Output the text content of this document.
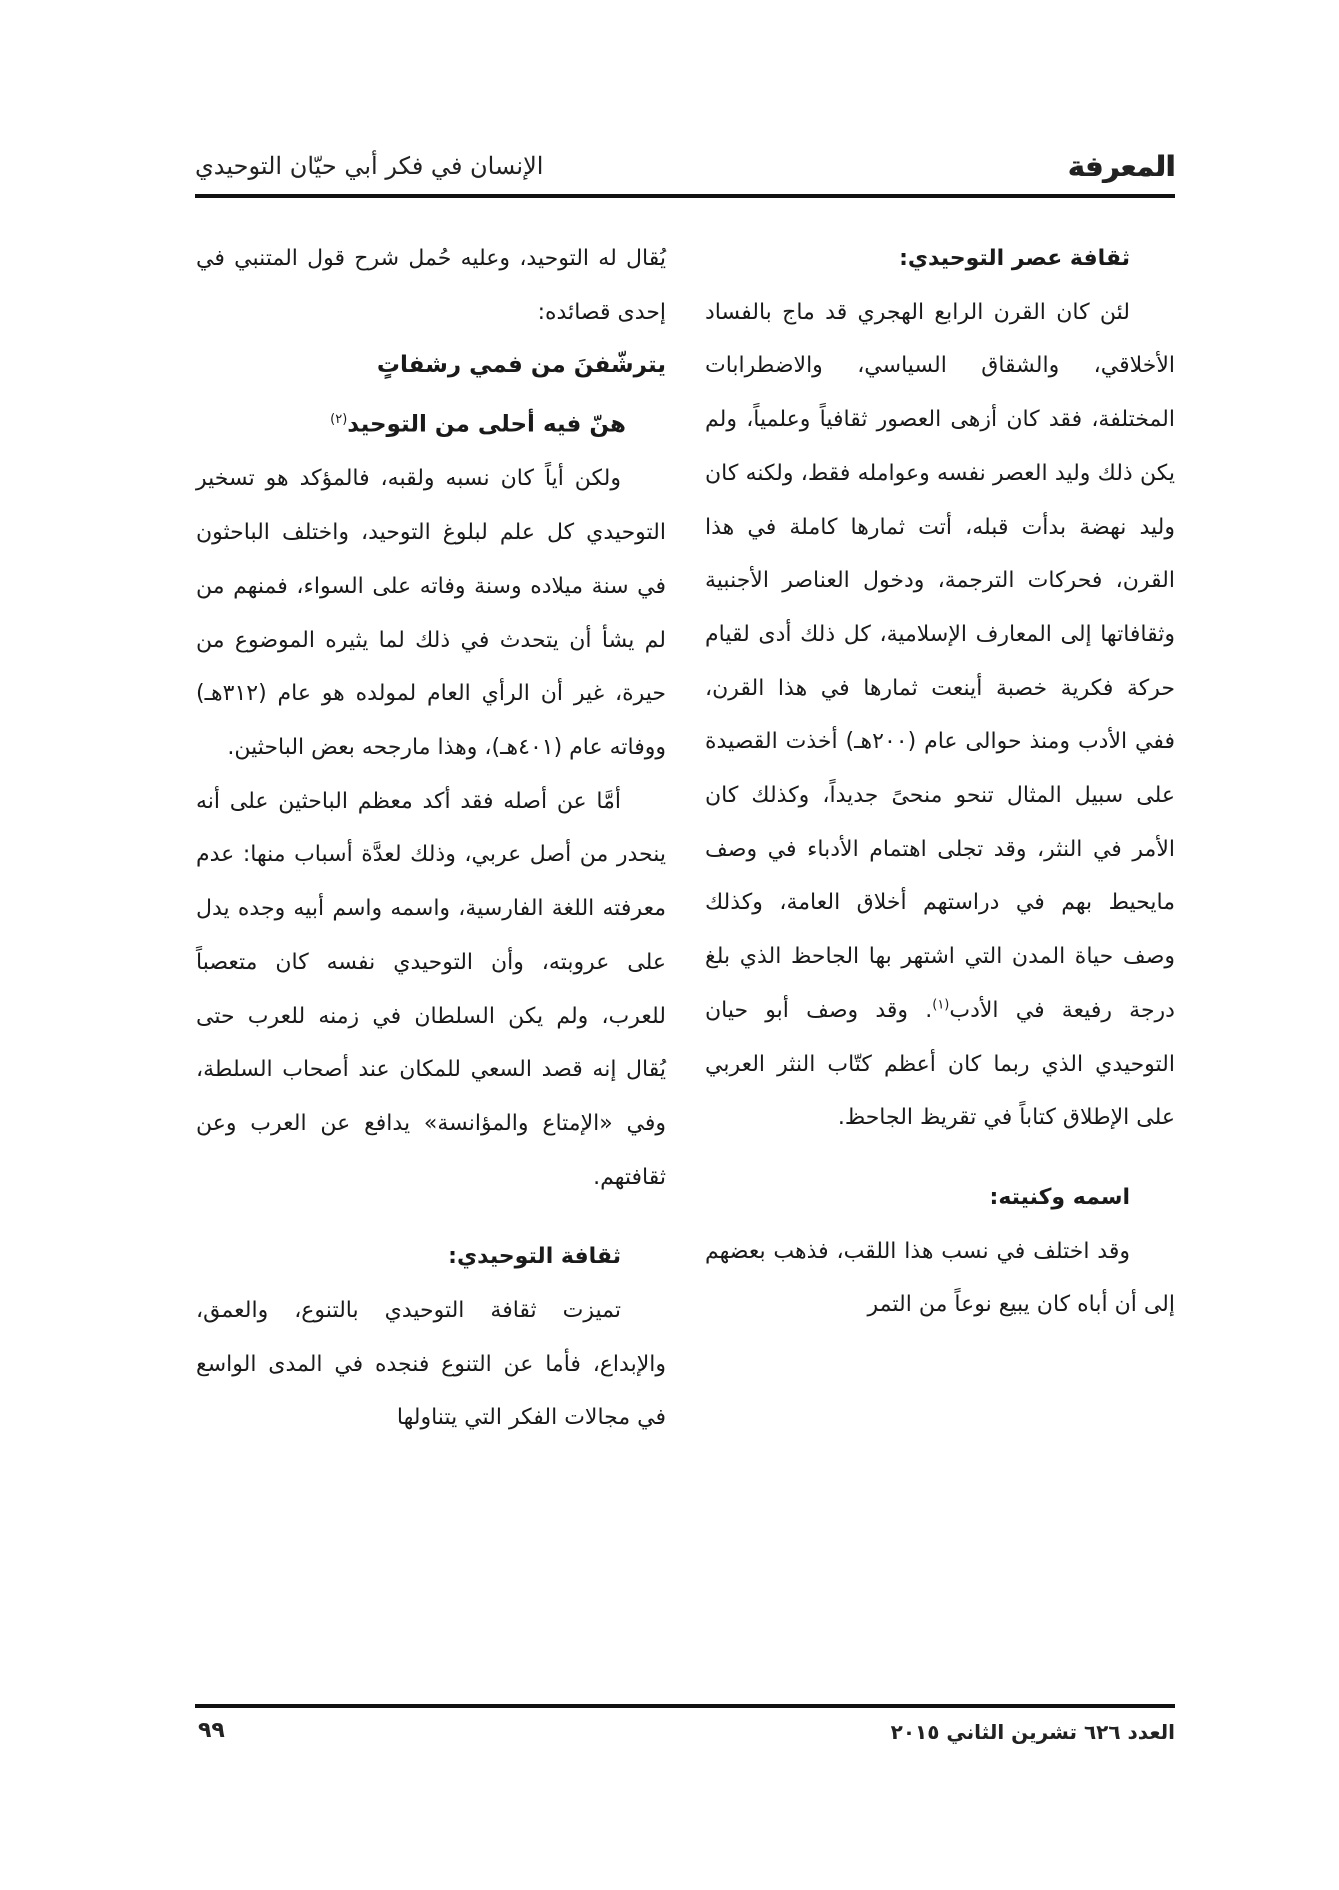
المعرفة
الإنسان في فكر أبي حيّان التوحيدي

ثقافة عصر التوحيدي:

لئن كان القرن الرابع الهجري قد ماج بالفساد الأخلاقي، والشقاق السياسي، والاضطرابات المختلفة، فقد كان أزهى العصور ثقافياً وعلمياً، ولم يكن ذلك وليد العصر نفسه وعوامله فقط، ولكنه كان وليد نهضة بدأت قبله، أتت ثمارها كاملة في هذا القرن، فحركات الترجمة، ودخول العناصر الأجنبية وثقافاتها إلى المعارف الإسلامية، كل ذلك أدى لقيام حركة فكرية خصبة أينعت ثمارها في هذا القرن، ففي الأدب ومنذ حوالى عام (٢٠٠هـ) أخذت القصيدة على سبيل المثال تنحو منحىً جديداً، وكذلك كان الأمر في النثر، وقد تجلى اهتمام الأدباء في وصف مايحيط بهم في دراستهم أخلاق العامة، وكذلك وصف حياة المدن التي اشتهر بها الجاحظ الذي بلغ درجة رفيعة في الأدب$^{(١)}$. وقد وصف أبو حيان التوحيدي الذي ربما كان أعظم كتّاب النثر العربي على الإطلاق كتاباً في تقريظ الجاحظ.

اسمه وكنيته:

وقد اختلف في نسب هذا اللقب، فذهب بعضهم إلى أن أباه كان يبيع نوعاً من التمر

يُقال له التوحيد، وعليه حُمل شرح قول المتنبي في إحدى قصائده:

يترشّفنَ من فمي رشفاتٍ

هنّ فيه أحلى من التوحيد$^{(٢)}$

ولكن أياً كان نسبه ولقبه، فالمؤكد هو تسخير التوحيدي كل علم لبلوغ التوحيد، واختلف الباحثون في سنة ميلاده وسنة وفاته على السواء، فمنهم من لم يشأ أن يتحدث في ذلك لما يثيره الموضوع من حيرة، غير أن الرأي العام لمولده هو عام (٣١٢هـ) ووفاته عام (٤٠١هـ)، وهذا مارجحه بعض الباحثين.

أمَّا عن أصله فقد أكد معظم الباحثين على أنه ينحدر من أصل عربي، وذلك لعدَّة أسباب منها: عدم معرفته اللغة الفارسية، واسمه واسم أبيه وجده يدل على عروبته، وأن التوحيدي نفسه كان متعصباً للعرب، ولم يكن السلطان في زمنه للعرب حتى يُقال إنه قصد السعي للمكان عند أصحاب السلطة، وفي «الإمتاع والمؤانسة» يدافع عن العرب وعن ثقافتهم.

ثقافة التوحيدي:

تميزت ثقافة التوحيدي بالتنوع، والعمق، والإبداع، فأما عن التنوع فنجده في المدى الواسع في مجالات الفكر التي يتناولها

العدد ٦٢٦ تشرين الثاني ٢٠١٥
٩٩
